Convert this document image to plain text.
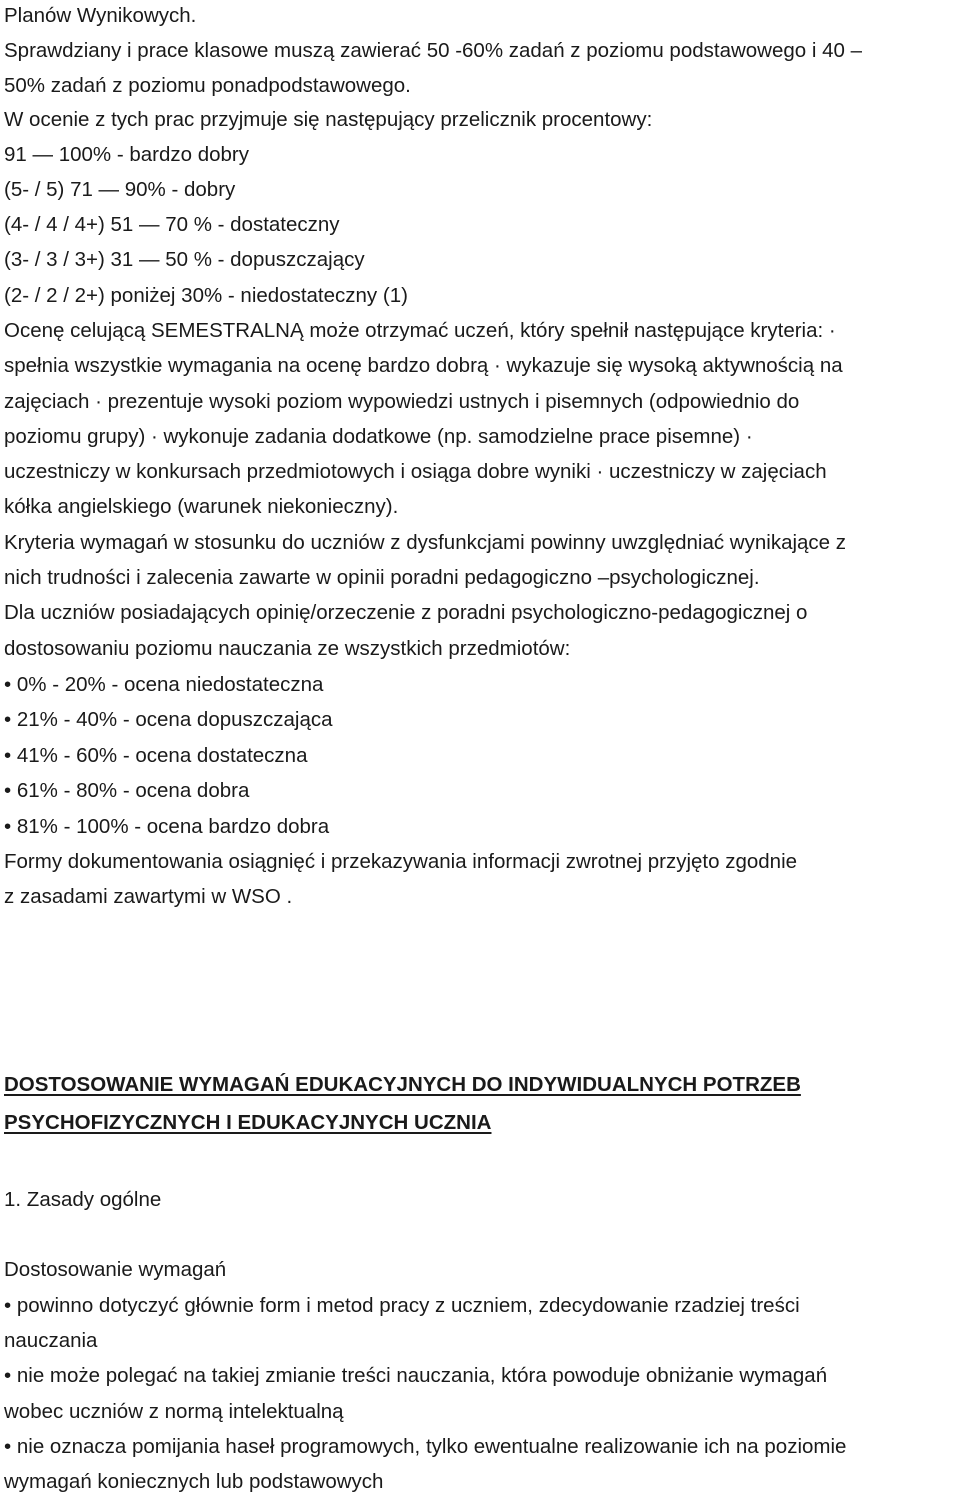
Planów Wynikowych.
Sprawdziany i prace klasowe muszą zawierać 50 -60% zadań z poziomu podstawowego i 40 –
50% zadań z poziomu ponadpodstawowego.
W ocenie z tych prac przyjmuje się następujący przelicznik procentowy:
91 — 100% - bardzo dobry
(5- / 5) 71 — 90% - dobry
(4- / 4 / 4+) 51 — 70 % - dostateczny
(3- / 3 / 3+) 31 — 50 % - dopuszczający
(2- / 2 / 2+) poniżej 30% - niedostateczny (1)
Ocenę celującą SEMESTRALNĄ może otrzymać uczeń, który spełnił następujące kryteria: ·
spełnia wszystkie wymagania na ocenę bardzo dobrą · wykazuje się wysoką aktywnością na
zajęciach · prezentuje wysoki poziom wypowiedzi ustnych i pisemnych (odpowiednio do
poziomu grupy) · wykonuje zadania dodatkowe (np. samodzielne prace pisemne) ·
uczestniczy w konkursach przedmiotowych i osiąga dobre wyniki · uczestniczy w zajęciach
kółka angielskiego (warunek niekonieczny).
Kryteria wymagań w stosunku do uczniów z dysfunkcjami powinny uwzględniać wynikające z
nich trudności i zalecenia zawarte w opinii poradni pedagogiczno –psychologicznej.
Dla uczniów posiadających opinię/orzeczenie z poradni psychologiczno-pedagogicznej o
dostosowaniu poziomu nauczania ze wszystkich przedmiotów:
• 0% - 20% - ocena niedostateczna
• 21% - 40% - ocena dopuszczająca
• 41% - 60% - ocena dostateczna
• 61% - 80% - ocena dobra
• 81% - 100% - ocena bardzo dobra
Formy dokumentowania osiągnięć i przekazywania informacji zwrotnej przyjęto zgodnie
z zasadami zawartymi w WSO .
DOSTOSOWANIE WYMAGAŃ EDUKACYJNYCH DO INDYWIDUALNYCH POTRZEB
PSYCHOFIZYCZNYCH I EDUKACYJNYCH UCZNIA
1. Zasady ogólne
Dostosowanie wymagań
• powinno dotyczyć głównie form i metod pracy z uczniem, zdecydowanie rzadziej treści
nauczania
• nie może polegać na takiej zmianie treści nauczania, która powoduje obniżanie wymagań
wobec uczniów z normą intelektualną
• nie oznacza pomijania haseł programowych, tylko ewentualne realizowanie ich na poziomie
wymagań koniecznych lub podstawowych
